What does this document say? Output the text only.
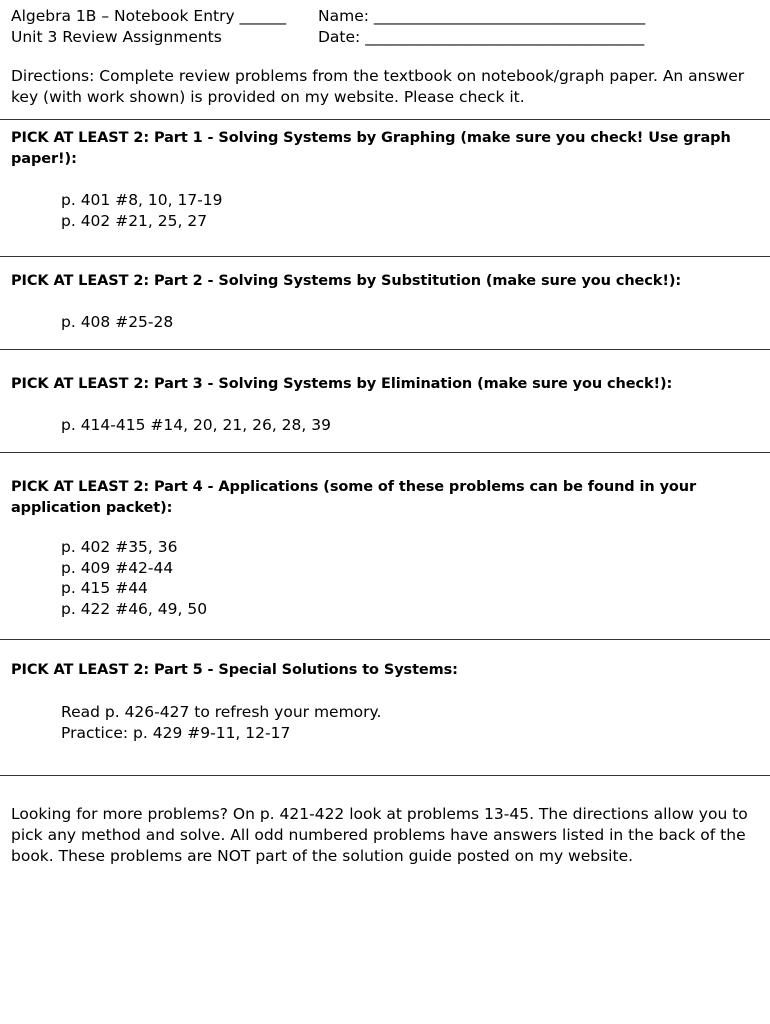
Algebra 1B – Notebook Entry ______ Name: ___________________________________
Unit 3 Review Assignments	Date: ____________________________________
Directions: Complete review problems from the textbook on notebook/graph paper. An answer key (with work shown) is provided on my website. Please check it.
PICK AT LEAST 2: Part 1 - Solving Systems by Graphing (make sure you check! Use graph paper!):
p. 401 #8, 10, 17-19
p. 402 #21, 25, 27
PICK AT LEAST 2: Part 2 - Solving Systems by Substitution (make sure you check!):
p. 408 #25-28
PICK AT LEAST 2: Part 3 - Solving Systems by Elimination (make sure you check!):
p. 414-415 #14, 20, 21, 26, 28, 39
PICK AT LEAST 2: Part 4 - Applications (some of these problems can be found in your application packet):
p. 402 #35, 36
p. 409 #42-44
p. 415 #44
p. 422 #46, 49, 50
PICK AT LEAST 2: Part 5 - Special Solutions to Systems:
Read p. 426-427 to refresh your memory.
Practice: p. 429 #9-11, 12-17
Looking for more problems? On p. 421-422 look at problems 13-45. The directions allow you to pick any method and solve. All odd numbered problems have answers listed in the back of the book. These problems are NOT part of the solution guide posted on my website.
